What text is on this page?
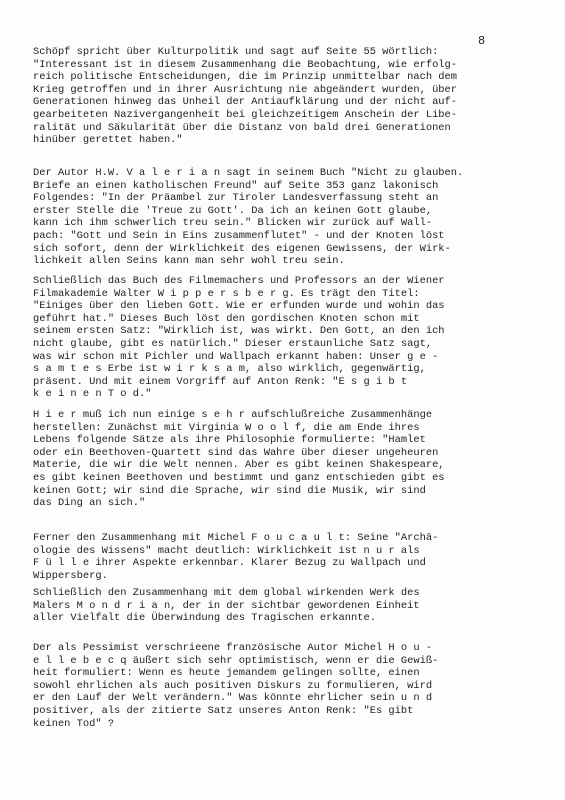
8
Schöpf spricht über Kulturpolitik und sagt auf Seite 55 wörtlich:
"Interessant ist in diesem Zusammenhang die Beobachtung, wie erfolg-
reich politische Entscheidungen, die im Prinzip unmittelbar nach dem
Krieg getroffen und in ihrer Ausrichtung nie abgeändert wurden, über
Generationen hinweg das Unheil der Antiaufklärung und der nicht auf-
gearbeiteten Nazivergangenheit bei gleichzeitigem Anschein der Libe-
ralität und Säkularität über die Distanz von bald drei Generationen
hinüber gerettet haben."
Der Autor H.W. V a l e r i a n sagt in seinem Buch "Nicht zu glauben.
Briefe an einen katholischen Freund" auf Seite 353 ganz lakonisch
Folgendes: "In der Präambel zur Tiroler Landesverfassung steht an
erster Stelle die 'Treue zu Gott'. Da ich an keinen Gott glaube,
kann ich ihm schwerlich treu sein." Blicken wir zurück auf Wall-
pach: "Gott und Sein in Eins zusammenflutet" - und der Knoten löst
sich sofort, denn der Wirklichkeit des eigenen Gewissens, der Wirk-
lichkeit allen Seins kann man sehr wohl treu sein.
Schließlich das Buch des Filmemachers und Professors an der Wiener
Filmakademie Walter W i p p e r s b e r g. Es trägt den Titel:
"Einiges über den lieben Gott. Wie er erfunden wurde und wohin das
geführt hat." Dieses Buch löst den gordischen Knoten schon mit
seinem ersten Satz: "Wirklich ist, was wirkt. Den Gott, an den ich
nicht glaube, gibt es natürlich." Dieser erstaunliche Satz sagt,
was wir schon mit Pichler und Wallpach erkannt haben: Unser g e -
s a m t e s Erbe ist w i r k s a m, also wirklich, gegenwärtig,
präsent. Und mit einem Vorgriff auf Anton Renk: "E s g i b t
k e i n e n T o d."
H i e r muß ich nun einige s e h r aufschlußreiche Zusammenhänge
herstellen: Zunächst mit Virginia W o o l f, die am Ende ihres
Lebens folgende Sätze als ihre Philosophie formulierte: "Hamlet
oder ein Beethoven-Quartett sind das Wahre über dieser ungeheuren
Materie, die wir die Welt nennen. Aber es gibt keinen Shakespeare,
es gibt keinen Beethoven und bestimmt und ganz entschieden gibt es
keinen Gott; wir sind die Sprache, wir sind die Musik, wir sind
das Ding an sich."
Ferner den Zusammenhang mit Michel F o u c a u l t: Seine "Archä-
ologie des Wissens" macht deutlich: Wirklichkeit ist n u r als
F ü l l e ihrer Aspekte erkennbar. Klarer Bezug zu Wallpach und
Wippersberg.
Schließlich den Zusammenhang mit dem global wirkenden Werk des
Malers M o n d r i a n, der in der sichtbar gewordenen Einheit
aller Vielfalt die Überwindung des Tragischen erkannte.
Der als Pessimist verschrieene französische Autor Michel H o u -
e l l e b e c q äußert sich sehr optimistisch, wenn er die Gewiß-
heit formuliert: Wenn es heute jemandem gelingen sollte, einen
sowohl ehrlichen als auch positiven Diskurs zu formulieren, wird
er den Lauf der Welt verändern." Was könnte ehrlicher sein u n d
positiver, als der zitierte Satz unseres Anton Renk: "Es gibt
keinen Tod" ?
